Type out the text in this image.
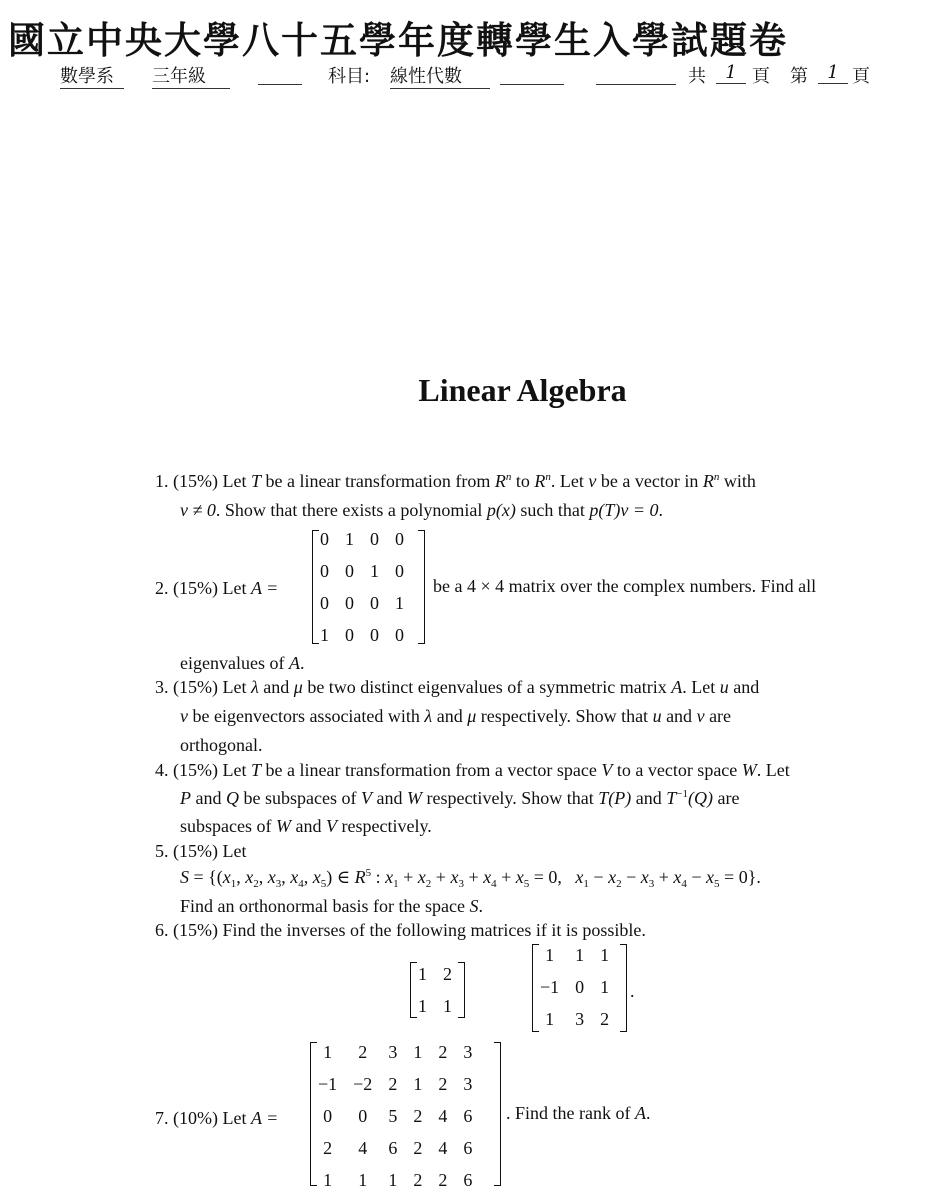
國立中央大學八十五學年度轉學生入學試題卷
數學系	三年級	科目: 線性代數	共	1 頁 第	1 頁
Linear Algebra
1. (15%) Let T be a linear transformation from $R^n$ to $R^n$. Let v be a vector in $R^n$ with
v ≠ 0. Show that there exists a polynomial p(x) such that p(T)v = 0.
2. (15%) Let A =
0	1	0	0
0	0	1	0
0	0	0	1
1	0	0	0
be a 4 × 4 matrix over the complex numbers. Find all
eigenvalues of A.
3. (15%) Let λ and μ be two distinct eigenvalues of a symmetric matrix A. Let u and
v be eigenvectors associated with λ and μ respectively. Show that u and v are
orthogonal.
4. (15%) Let T be a linear transformation from a vector space V to a vector space W. Let
P and Q be subspaces of V and W respectively. Show that T(P) and $T^{-1}(Q)$ are
subspaces of W and V respectively.
5. (15%) Let
$S = \{(x_1$, $x_2$, $x_3$, $x_4$, $x_5$) ∈ $R^5$ : $x_1 + x_2 + x_3 + x_4 + x_5 = 0$,   $x_1 - x_2 - x_3 + x_4 - x_5 = 0$}.
Find an orthonormal basis for the space S.
6. (15%) Find the inverses of the following matrices if it is possible.
1	2
1	1
1	1	1
−1	0	1
1	3	2
.
7. (10%) Let A =
1	2	3	1	2	3
−1	−2	2	1	2	3
0	0	5	2	4	6
2	4	6	2	4	6
1	1	1	2	2	6
. Find the rank of A.
